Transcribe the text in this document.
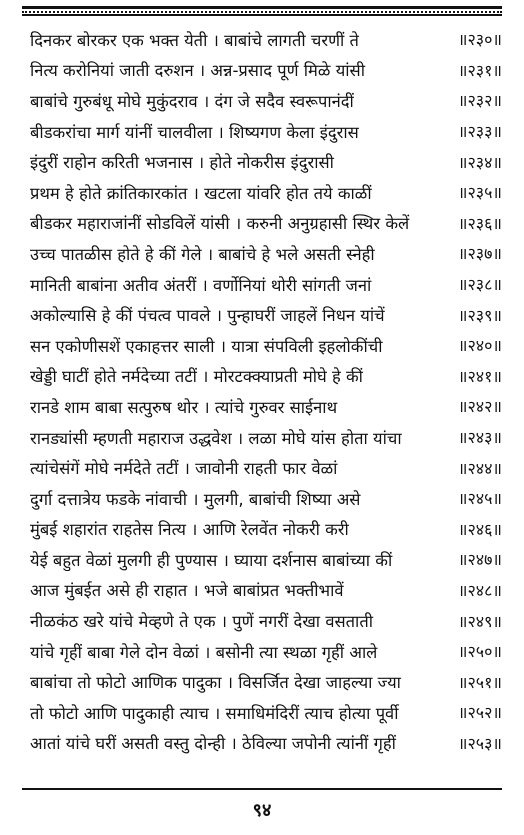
दिनकर बोरकर एक भक्त येती । बाबांचे लागती चरणीं ते	॥२३०॥
नित्य करोनियां जाती दरुशन । अन्न-प्रसाद पूर्ण मिळे यांसी	॥२३१॥
बाबांचे गुरुबंधू मोघे मुकुंदराव । दंग जे सदैव स्वरूपानंदीं	॥२३२॥
बीडकरांचा मार्ग यांनीं चालवीला । शिष्यगण केला इंदुरास	॥२३३॥
इंदुरीं राहोन करिती भजनास । होते नोकरीस इंदुरासी	॥२३४॥
प्रथम हे होते क्रांतिकारकांत । खटला यांवरि होत तये काळीं	॥२३५॥
बीडकर महाराजांनीं सोडविलें यांसी । करुनी अनुग्रहासी स्थिर केलें	॥२३६॥
उच्च पातळीस होते हे कीं गेले । बाबांचे हे भले असती स्नेही	॥२३७॥
मानिती बाबांना अतीव अंतरीं । वर्णोनियां थोरी सांगती जनां	॥२३८॥
अकोल्यासि हे कीं पंचत्व पावले । पुन्हाघरीं जाहलें निधन यांचें	॥२३९॥
सन एकोणीसशें एकाहत्तर साली । यात्रा संपविली इहलोकींची	॥२४०॥
खेड्डी घाटीं होते नर्मदेच्या तटीं । मोरटक्क्याप्रती मोघे हे कीं	॥२४१॥
रानडे शाम बाबा सत्पुरुष थोर । त्यांचे गुरुवर साईनाथ	॥२४२॥
रानड्यांसी म्हणती महाराज उद्धवेश । लळा मोघे यांस होता यांचा	॥२४३॥
त्यांचेसंगें मोघे नर्मदेते तटीं । जावोनी राहती फार वेळां	॥२४४॥
दुर्गा दत्तात्रेय फडके नांवाची । मुलगी, बाबांची शिष्या असे	॥२४५॥
मुंबई शहारांत राहतेस नित्य । आणि रेलवेंत नोकरी करी	॥२४६॥
येई बहुत वेळां मुलगी ही पुण्यास । घ्याया दर्शनास बाबांच्या कीं	॥२४७॥
आज मुंबईत असे ही राहात । भजे बाबांप्रत भक्तीभावें	॥२४८॥
नीळकंठ खरे यांचे मेव्हणे ते एक । पुणें नगरीं देखा वसताती	॥२४९॥
यांचे गृहीं बाबा गेले दोन वेळां । बसोनी त्या स्थळा गृहीं आले	॥२५०॥
बाबांचा तो फोटो आणिक पादुका । विसर्जित देखा जाहल्या ज्या	॥२५१॥
तो फोटो आणि पादुकाही त्याच । समाधिमंदिरीं त्याच होत्या पूर्वी	॥२५२॥
आतां यांचे घरीं असती वस्तु दोन्ही । ठेविल्या जपोनी त्यांनीं गृहीं	॥२५३॥
९४
